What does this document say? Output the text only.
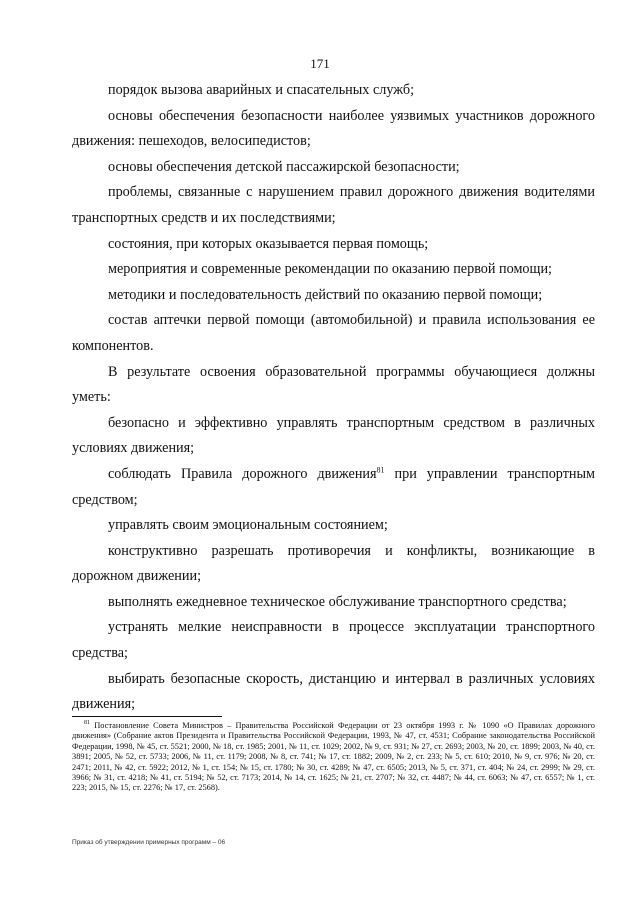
171

порядок вызова аварийных и спасательных служб;

основы обеспечения безопасности наиболее уязвимых участников дорожного движения: пешеходов, велосипедистов;

основы обеспечения детской пассажирской безопасности;

проблемы, связанные с нарушением правил дорожного движения водителями транспортных средств и их последствиями;

состояния, при которых оказывается первая помощь;

мероприятия и современные рекомендации по оказанию первой помощи;

методики и последовательность действий по оказанию первой помощи;

состав аптечки первой помощи (автомобильной) и правила использования ее компонентов.

В результате освоения образовательной программы обучающиеся должны уметь:

безопасно и эффективно управлять транспортным средством в различных условиях движения;

соблюдать Правила дорожного движения$^{81}$ при управлении транспортным средством;

управлять своим эмоциональным состоянием;

конструктивно разрешать противоречия и конфликты, возникающие в дорожном движении;

выполнять ежедневное техническое обслуживание транспортного средства;

устранять мелкие неисправности в процессе эксплуатации транспортного средства;

выбирать безопасные скорость, дистанцию и интервал в различных условиях движения;

$^{81}$ Постановление Совета Министров – Правительства Российской Федерации от 23 октября 1993 г. № 1090 «О Правилах дорожного движения» (Собрание актов Президента и Правительства Российской Федерации, 1993, № 47, ст. 4531; Собрание законодательства Российской Федерации, 1998, № 45, ст. 5521; 2000, № 18, ст. 1985; 2001, № 11, ст. 1029; 2002, № 9, ст. 931; № 27, ст. 2693; 2003, № 20, ст. 1899; 2003, № 40, ст. 3891; 2005, № 52, ст. 5733; 2006, № 11, ст. 1179; 2008, № 8, ст. 741; № 17, ст. 1882; 2009, № 2, ст. 233; № 5, ст. 610; 2010, № 9, ст. 976; № 20, ст. 2471; 2011, № 42, ст. 5922; 2012, № 1, ст. 154; № 15, ст. 1780; № 30, ст. 4289; № 47, ст. 6505; 2013, № 5, ст. 371, ст. 404; № 24, ст. 2999; № 29, ст. 3966; № 31, ст. 4218; № 41, ст. 5194; № 52, ст. 7173; 2014, № 14, ст. 1625; № 21, ст. 2707; № 32, ст. 4487; № 44, ст. 6063; № 47, ст. 6557; № 1, ст. 223; 2015, № 15, ст. 2276; № 17, ст. 2568).

Приказ об утверждении примерных программ – 06
